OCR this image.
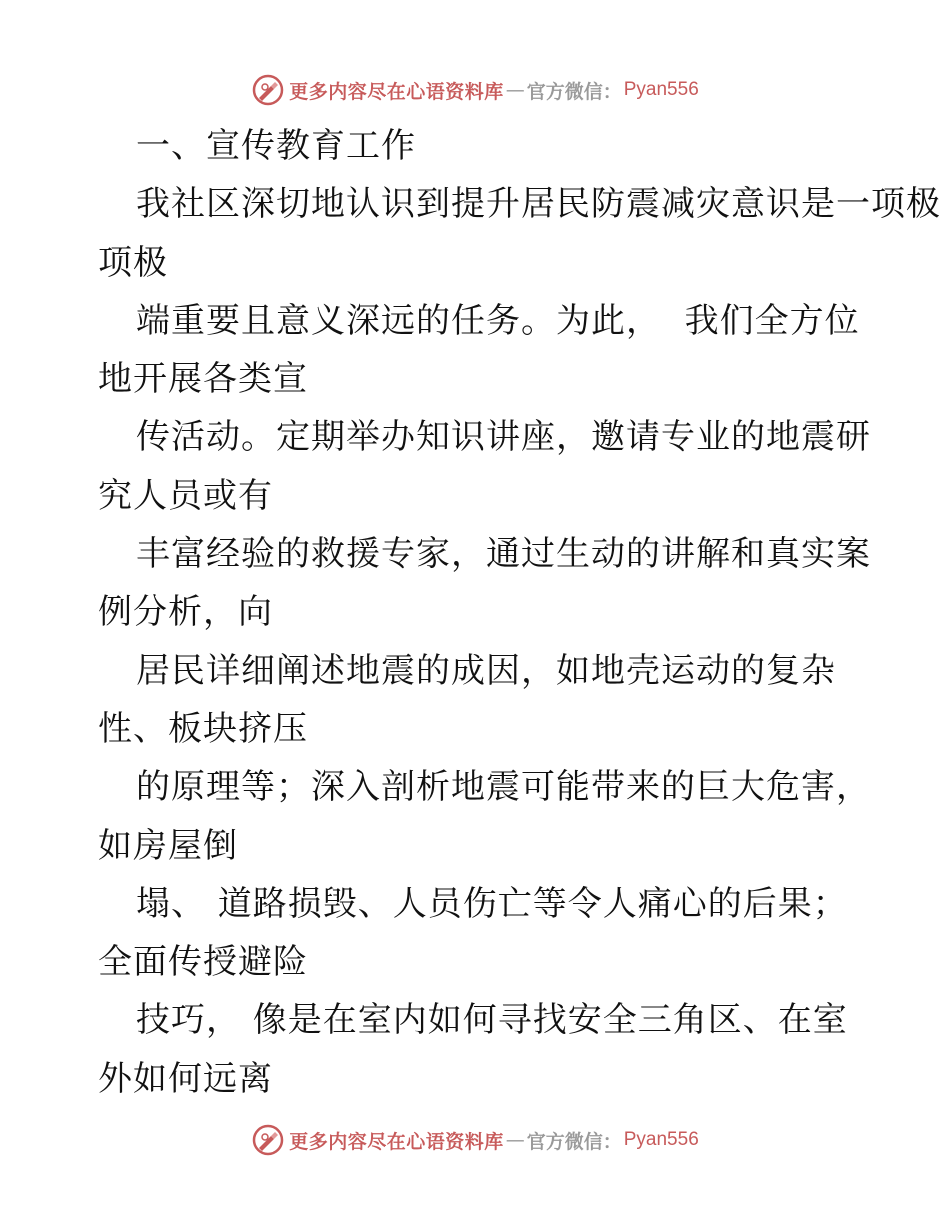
更多内容尽在心语资料库 — 官方微信： Pyan556
一、宣传教育工作
我社区深切地认识到提升居民防震减灾意识是一项极
项极
端重要且意义深远的任务。为此，  我们全方位
地开展各类宣
传活动。定期举办知识讲座，邀请专业的地震研
究人员或有
丰富经验的救援专家，通过生动的讲解和真实案
例分析，向
居民详细阐述地震的成因，如地壳运动的复杂
性、板块挤压
的原理等；深入剖析地震可能带来的巨大危害，
如房屋倒
塌、 道路损毁、人员伤亡等令人痛心的后果；
全面传授避险
技巧， 像是在室内如何寻找安全三角区、在室
外如何远离
更多内容尽在心语资料库 — 官方微信： Pyan556
